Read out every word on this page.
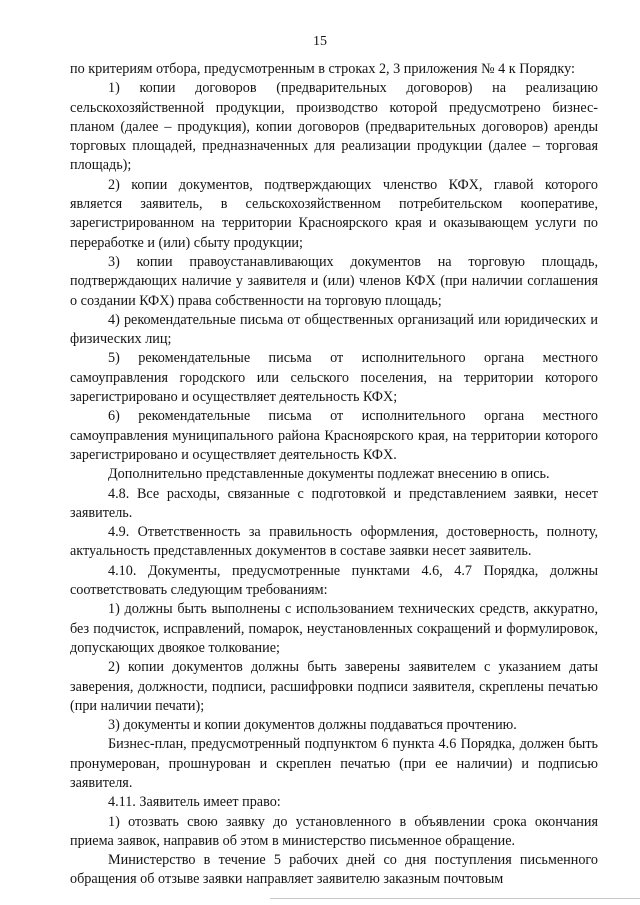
15

по критериям отбора, предусмотренным в строках 2, 3 приложения № 4 к Порядку:

1) копии договоров (предварительных договоров) на реализацию сельскохозяйственной продукции, производство которой предусмотрено бизнес-планом (далее – продукция), копии договоров (предварительных договоров) аренды торговых площадей, предназначенных для реализации продукции (далее – торговая площадь);

2) копии документов, подтверждающих членство КФХ, главой которого является заявитель, в сельскохозяйственном потребительском кооперативе, зарегистрированном на территории Красноярского края и оказывающем услуги по переработке и (или) сбыту продукции;

3) копии правоустанавливающих документов на торговую площадь, подтверждающих наличие у заявителя и (или) членов КФХ (при наличии соглашения о создании КФХ) права собственности на торговую площадь;

4) рекомендательные письма от общественных организаций или юридических и физических лиц;

5) рекомендательные письма от исполнительного органа местного самоуправления городского или сельского поселения, на территории которого зарегистрировано и осуществляет деятельность КФХ;

6) рекомендательные письма от исполнительного органа местного самоуправления муниципального района Красноярского края, на территории которого зарегистрировано и осуществляет деятельность КФХ.

Дополнительно представленные документы подлежат внесению в опись.

4.8. Все расходы, связанные с подготовкой и представлением заявки, несет заявитель.

4.9. Ответственность за правильность оформления, достоверность, полноту, актуальность представленных документов в составе заявки несет заявитель.

4.10. Документы, предусмотренные пунктами 4.6, 4.7 Порядка, должны соответствовать следующим требованиям:

1) должны быть выполнены с использованием технических средств, аккуратно, без подчисток, исправлений, помарок, неустановленных сокращений и формулировок, допускающих двоякое толкование;

2) копии документов должны быть заверены заявителем с указанием даты заверения, должности, подписи, расшифровки подписи заявителя, скреплены печатью (при наличии печати);

3) документы и копии документов должны поддаваться прочтению.

Бизнес-план, предусмотренный подпунктом 6 пункта 4.6 Порядка, должен быть пронумерован, прошнурован и скреплен печатью (при ее наличии) и подписью заявителя.

4.11. Заявитель имеет право:

1) отозвать свою заявку до установленного в объявлении срока окончания приема заявок, направив об этом в министерство письменное обращение.

Министерство в течение 5 рабочих дней со дня поступления письменного обращения об отзыве заявки направляет заявителю заказным почтовым
